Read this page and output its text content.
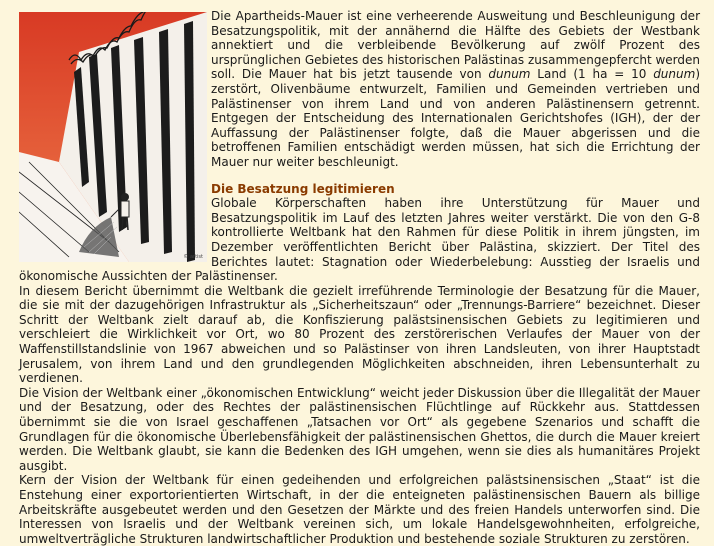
© artist

Die Apartheids-Mauer ist eine verheerende Ausweitung und Beschleunigung der Besatzungspolitik, mit der annähernd die Hälfte des Gebiets der Westbank annektiert und die verbleibende Bevölkerung auf zwölf Prozent des ursprünglichen Gebietes des historischen Palästinas zusammengepfercht werden soll. Die Mauer hat bis jetzt tausende von dunum Land (1 ha = 10 dunum) zerstört, Olivenbäume entwurzelt, Familien und Gemeinden vertrieben und Palästinenser von ihrem Land und von anderen Palästinensern getrennt. Entgegen der Entscheidung des Internationalen Gerichtshofes (IGH), der der Auffassung der Palästinenser folgte, daß die Mauer abgerissen und die betroffenen Familien entschädigt werden müssen, hat sich die Errichtung der Mauer nur weiter beschleunigt.

Die Besatzung legitimieren

Globale Körperschaften haben ihre Unterstützung für Mauer und Besatzungspolitik im Lauf des letzten Jahres weiter verstärkt. Die von den G-8 kontrollierte Weltbank hat den Rahmen für diese Politik in ihrem jüngsten, im Dezember veröffentlichten Bericht über Palästina, skizziert. Der Titel des Berichtes lautet: Stagnation oder Wiederbelebung: Ausstieg der Israelis und ökonomische Aussichten der Palästinenser.

In diesem Bericht übernimmt die Weltbank die gezielt irreführende Terminologie der Besatzung für die Mauer, die sie mit der dazugehörigen Infrastruktur als „Sicherheitszaun“ oder „Trennungs-Barriere“ bezeichnet. Dieser Schritt der Weltbank zielt darauf ab, die Konfiszierung palästsinensischen Gebiets zu legitimieren und verschleiert die Wirklichkeit vor Ort, wo 80 Prozent des zerstörerischen Verlaufes der Mauer von der Waffenstillstandslinie von 1967 abweichen und so Palästinser von ihren Landsleuten, von ihrer Hauptstadt Jerusalem, von ihrem Land und den grundlegenden Möglichkeiten abschneiden, ihren Lebensunterhalt zu verdienen.

Die Vision der Weltbank einer „ökonomischen Entwicklung“ weicht jeder Diskussion über die Illegalität der Mauer und der Besatzung, oder des Rechtes der palästinensischen Flüchtlinge auf Rückkehr aus. Stattdessen übernimmt sie die von Israel geschaffenen „Tatsachen vor Ort“ als gegebene Szenarios und schafft die Grundlagen für die ökonomische Überlebensfähigkeit der palästinensischen Ghettos, die durch die Mauer kreiert werden. Die Weltbank glaubt, sie kann die Bedenken des IGH umgehen, wenn sie dies als humanitäres Projekt ausgibt.

Kern der Vision der Weltbank für einen gedeihenden und erfolgreichen palästsinensischen „Staat“ ist die Enstehung einer exportorientierten Wirtschaft, in der die enteigneten palästinensischen Bauern als billige Arbeitskräfte ausgebeutet werden und den Gesetzen der Märkte und des freien Handels unterworfen sind. Die Interessen von Israelis und der Weltbank vereinen sich, um lokale Handelsgewohnheiten, erfolgreiche, umweltverträgliche Strukturen landwirtschaftlicher Produktion und bestehende soziale Strukturen zu zerstören.
